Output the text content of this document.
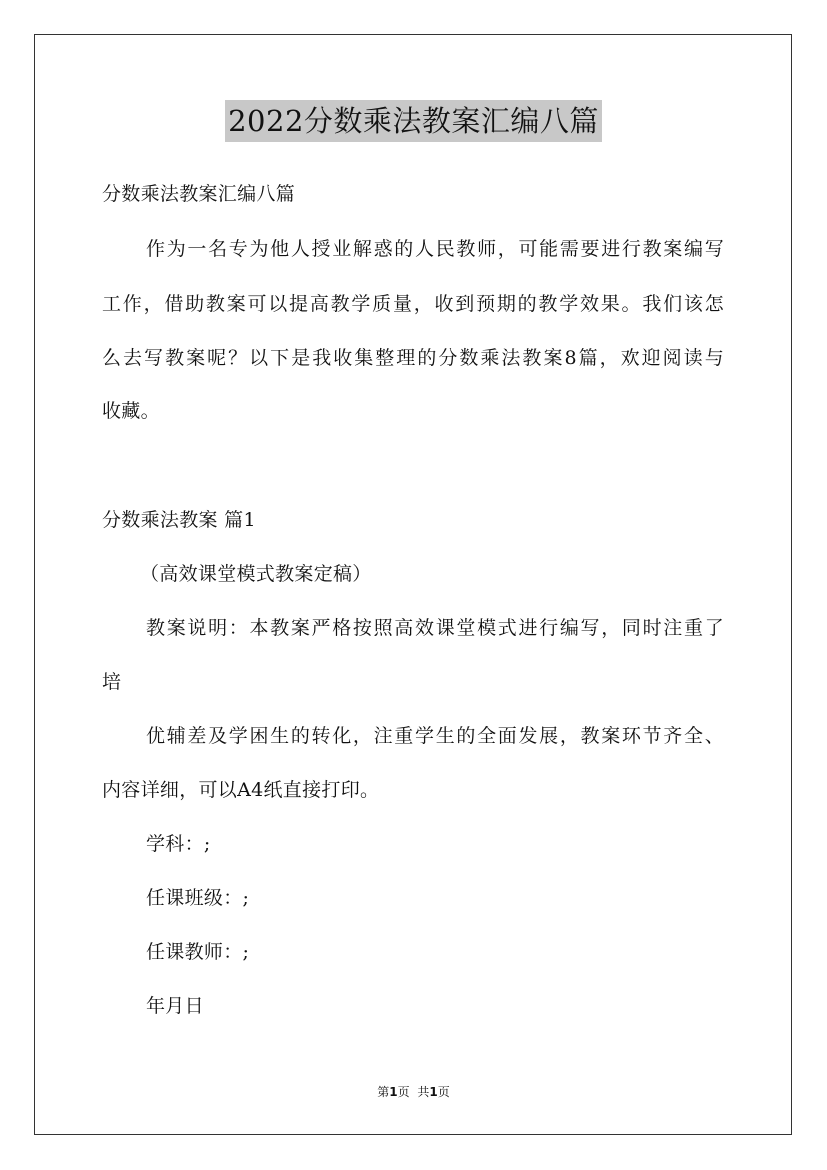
2022分数乘法教案汇编八篇
分数乘法教案汇编八篇
作为一名专为他人授业解惑的人民教师，可能需要进行教案编写
工作，借助教案可以提高教学质量，收到预期的教学效果。我们该怎
么去写教案呢？以下是我收集整理的分数乘法教案8篇，欢迎阅读与
收藏。
分数乘法教案 篇1
（高效课堂模式教案定稿）
教案说明：本教案严格按照高效课堂模式进行编写，同时注重了
培
优辅差及学困生的转化，注重学生的全面发展，教案环节齐全、
内容详细，可以A4纸直接打印。
学科：;
任课班级：;
任课教师：;
年月日
第1页 共1页
